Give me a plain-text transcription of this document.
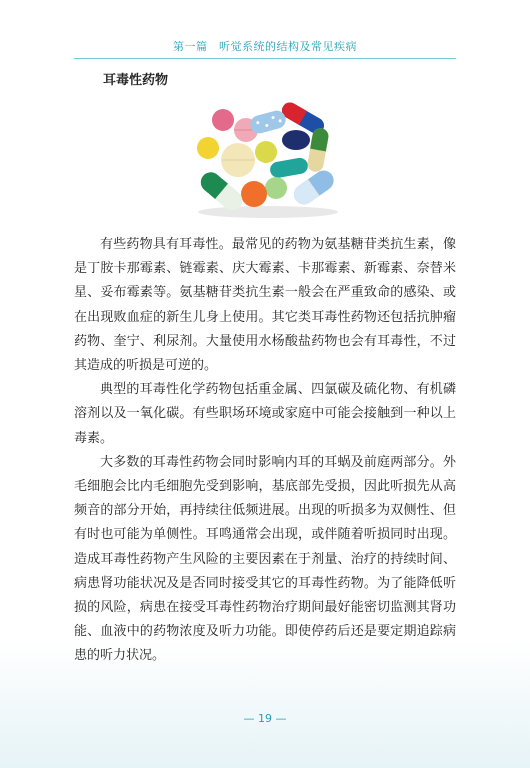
第一篇　听觉系统的结构及常见疾病
耳毒性药物

有些药物具有耳毒性。最常见的药物为氨基糖苷类抗生素，像是丁胺卡那霉素、链霉素、庆大霉素、卡那霉素、新霉素、奈替米星、妥布霉素等。氨基糖苷类抗生素一般会在严重致命的感染、或在出现败血症的新生儿身上使用。其它类耳毒性药物还包括抗肿瘤药物、奎宁、利尿剂。大量使用水杨酸盐药物也会有耳毒性，不过其造成的听损是可逆的。

典型的耳毒性化学药物包括重金属、四氯碳及硫化物、有机磷溶剂以及一氧化碳。有些职场环境或家庭中可能会接触到一种以上毒素。

大多数的耳毒性药物会同时影响内耳的耳蜗及前庭两部分。外毛细胞会比内毛细胞先受到影响，基底部先受损，因此听损先从高频音的部分开始，再持续往低频进展。出现的听损多为双侧性、但有时也可能为单侧性。耳鸣通常会出现，或伴随着听损同时出现。造成耳毒性药物产生风险的主要因素在于剂量、治疗的持续时间、病患肾功能状况及是否同时接受其它的耳毒性药物。为了能降低听损的风险，病患在接受耳毒性药物治疗期间最好能密切监测其肾功能、血液中的药物浓度及听力功能。即使停药后还是要定期追踪病患的听力状况。

— 19 —
